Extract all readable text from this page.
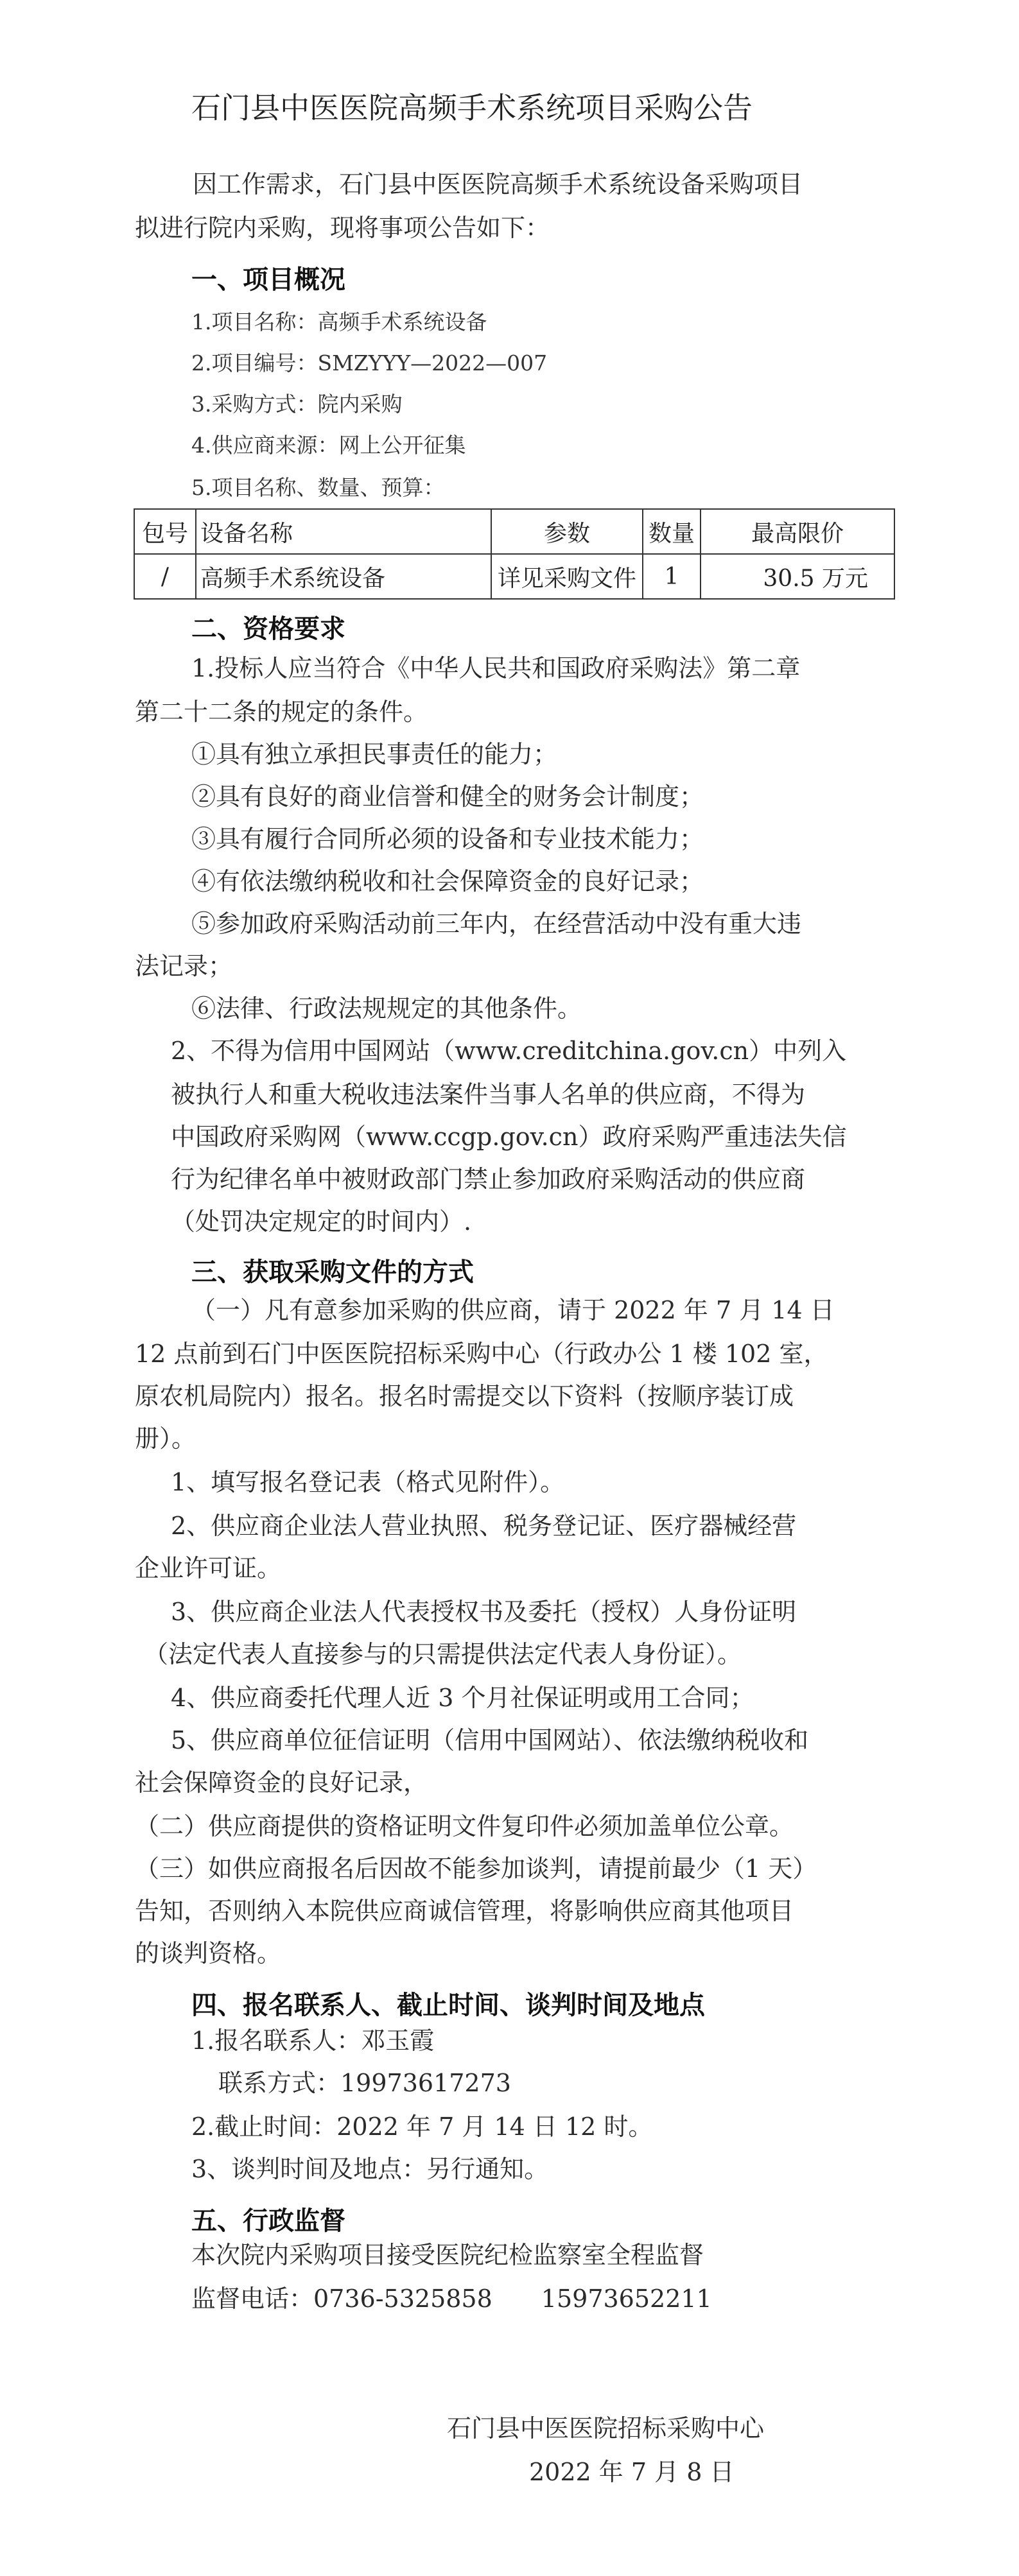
石门县中医医院高频手术系统项目采购公告

因工作需求，石门县中医医院高频手术系统设备采购项目

拟进行院内采购，现将事项公告如下：

一、项目概况

1.项目名称：高频手术系统设备

2.项目编号：SMZYYY—2022—007

3.采购方式：院内采购

4.供应商来源：网上公开征集

5.项目名称、数量、预算：

包号	设备名称	参数	数量	最高限价
/	高频手术系统设备	详见采购文件	1	30.5 万元

二、资格要求

1.投标人应当符合《中华人民共和国政府采购法》第二章

第二十二条的规定的条件。

①具有独立承担民事责任的能力；

②具有良好的商业信誉和健全的财务会计制度；

③具有履行合同所必须的设备和专业技术能力；

④有依法缴纳税收和社会保障资金的良好记录；

⑤参加政府采购活动前三年内，在经营活动中没有重大违

法记录；

⑥法律、行政法规规定的其他条件。

2、不得为信用中国网站（www.creditchina.gov.cn）中列入

被执行人和重大税收违法案件当事人名单的供应商，不得为

中国政府采购网（www.ccgp.gov.cn）政府采购严重违法失信

行为纪律名单中被财政部门禁止参加政府采购活动的供应商

（处罚决定规定的时间内）.

三、获取采购文件的方式

（一）凡有意参加采购的供应商，请于 2022 年 7 月 14 日

12 点前到石门中医医院招标采购中心（行政办公 1 楼 102 室，

原农机局院内）报名。报名时需提交以下资料（按顺序装订成

册）。

1、填写报名登记表（格式见附件）。

2、供应商企业法人营业执照、税务登记证、医疗器械经营

企业许可证。

3、供应商企业法人代表授权书及委托（授权）人身份证明

（法定代表人直接参与的只需提供法定代表人身份证）。

4、供应商委托代理人近 3 个月社保证明或用工合同；

5、供应商单位征信证明（信用中国网站）、依法缴纳税收和

社会保障资金的良好记录，

（二）供应商提供的资格证明文件复印件必须加盖单位公章。

（三）如供应商报名后因故不能参加谈判，请提前最少（1 天）

告知，否则纳入本院供应商诚信管理，将影响供应商其他项目

的谈判资格。

四、报名联系人、截止时间、谈判时间及地点

1.报名联系人：邓玉霞

联系方式：19973617273

2.截止时间：2022 年 7 月 14 日 12 时。

3、谈判时间及地点：另行通知。

五、行政监督

本次院内采购项目接受医院纪检监察室全程监督

监督电话：0736-5325858　　15973652211

石门县中医医院招标采购中心

2022 年 7 月 8 日
